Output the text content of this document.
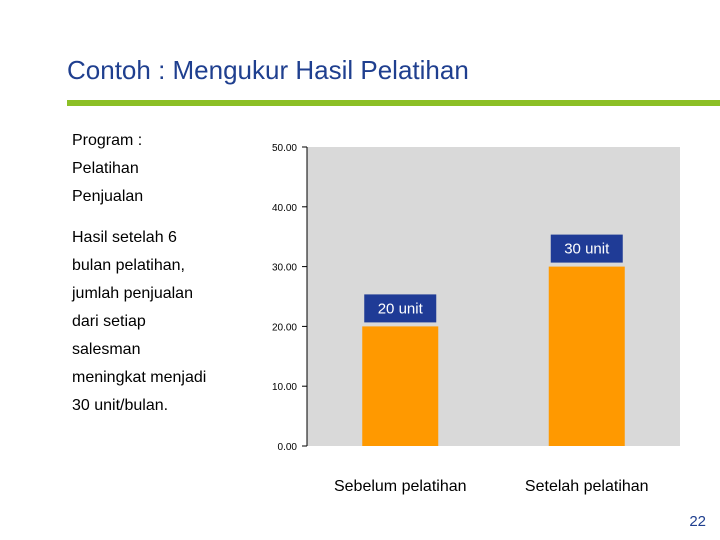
Contoh : Mengukur Hasil Pelatihan
Program :
Pelatihan
Penjualan
Hasil setelah 6
bulan pelatihan,
jumlah penjualan
dari setiap
salesman
meningkat menjadi
30 unit/bulan.
0.00
10.00
20.00
30.00
40.00
50.00
20 unit
Sebelum pelatihan
30 unit
Setelah pelatihan
22
